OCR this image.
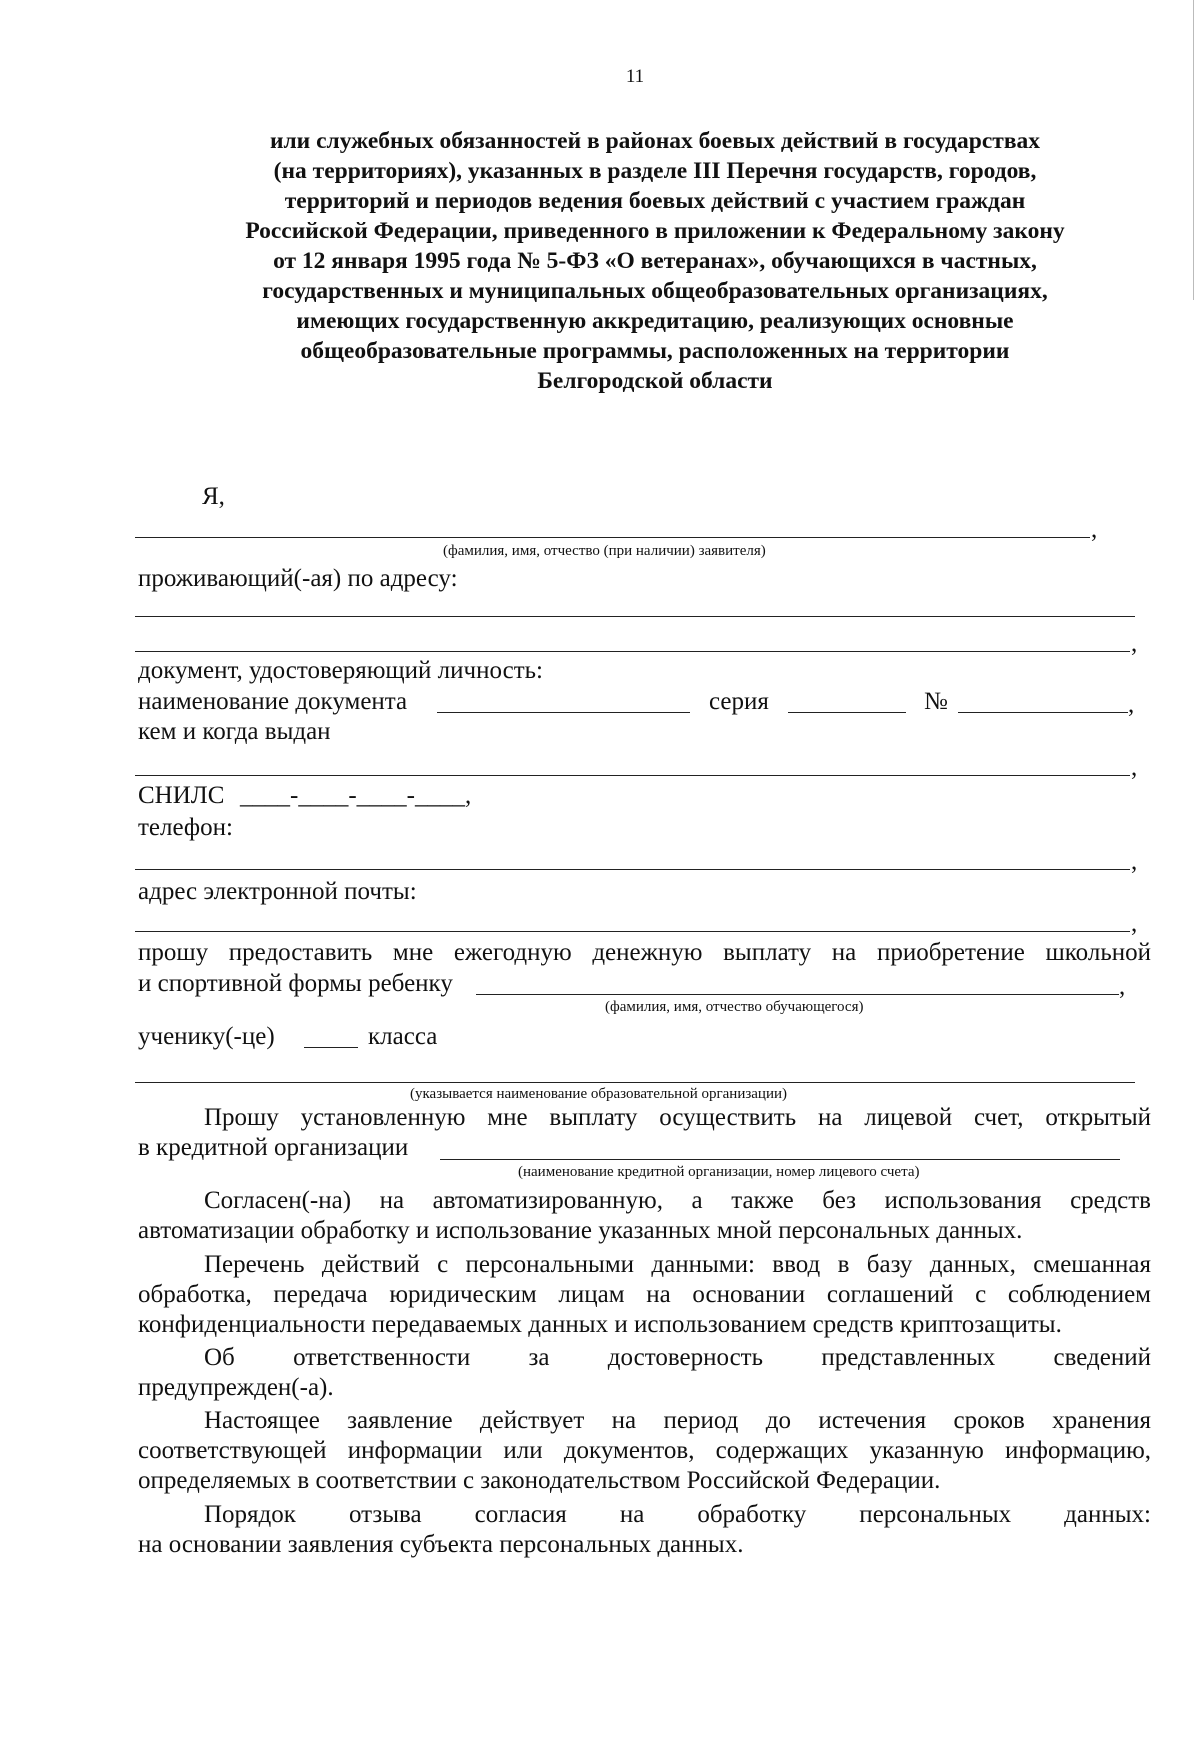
11
или служебных обязанностей в районах боевых действий в государствах
(на территориях), указанных в разделе III Перечня государств, городов,
территорий и периодов ведения боевых действий с участием граждан
Российской Федерации, приведенного в приложении к Федеральному закону
от 12 января 1995 года № 5-ФЗ «О ветеранах», обучающихся в частных,
государственных и муниципальных общеобразовательных организациях,
имеющих государственную аккредитацию, реализующих основные
общеобразовательные программы, расположенных на территории
Белгородской области
Я,
,
(фамилия, имя, отчество (при наличии) заявителя)
проживающий(-ая) по адресу:
,
документ, удостоверяющий личность:
наименование документа	серия	№	,
кем и когда выдан
,
СНИЛС ____-____-____-____,
телефон:
,
адрес электронной почты:
,
прошу предоставить мне ежегодную денежную выплату на приобретение школьной
и спортивной формы ребенку	,
(фамилия, имя, отчество обучающегося)
ученику(-це)	класса
(указывается наименование образовательной организации)
Прошу установленную мне выплату осуществить на лицевой счет, открытый
в кредитной организации
(наименование кредитной организации, номер лицевого счета)
Согласен(-на) на автоматизированную, а также без использования средств
автоматизации обработку и использование указанных мной персональных данных.
Перечень действий с персональными данными: ввод в базу данных, смешанная
обработка, передача юридическим лицам на основании соглашений с соблюдением
конфиденциальности передаваемых данных и использованием средств криптозащиты.
Об ответственности за достоверность представленных сведений
предупрежден(-а).
Настоящее заявление действует на период до истечения сроков хранения
соответствующей информации или документов, содержащих указанную информацию,
определяемых в соответствии с законодательством Российской Федерации.
Порядок отзыва согласия на обработку персональных данных:
на основании заявления субъекта персональных данных.
